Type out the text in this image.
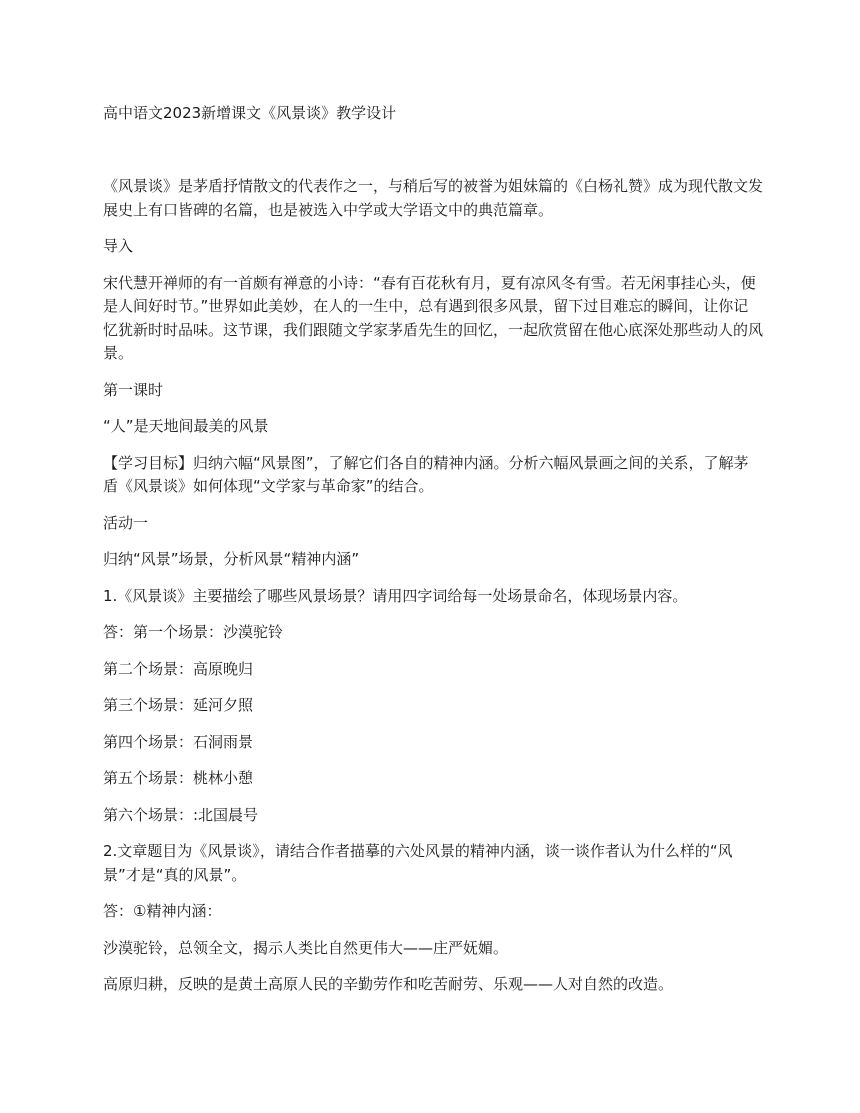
高中语文2023新增课文《风景谈》教学设计

《风景谈》是茅盾抒情散文的代表作之一，与稍后写的被誉为姐妹篇的《白杨礼赞》成为现代散文发展史上有口皆碑的名篇，也是被选入中学或大学语文中的典范篇章。

导入

宋代慧开禅师的有一首颇有禅意的小诗：“春有百花秋有月，夏有凉风冬有雪。若无闲事挂心头，便是人间好时节。”世界如此美妙，在人的一生中，总有遇到很多风景，留下过目难忘的瞬间，让你记忆犹新时时品味。这节课，我们跟随文学家茅盾先生的回忆，一起欣赏留在他心底深处那些动人的风景。

第一课时

“人”是天地间最美的风景

【学习目标】归纳六幅“风景图”，了解它们各自的精神内涵。分析六幅风景画之间的关系，了解茅盾《风景谈》如何体现“文学家与革命家”的结合。

活动一

归纳“风景”场景，分析风景“精神内涵”

1.《风景谈》主要描绘了哪些风景场景？请用四字词给每一处场景命名，体现场景内容。

答：第一个场景：沙漠驼铃

第二个场景：高原晚归

第三个场景：延河夕照

第四个场景：石洞雨景

第五个场景：桃林小憩

第六个场景：:北国晨号

2.文章题目为《风景谈》，请结合作者描摹的六处风景的精神内涵，谈一谈作者认为什么样的“风景”才是“真的风景”。

答：①精神内涵：

沙漠驼铃，总领全文，揭示人类比自然更伟大——庄严妩媚。

高原归耕，反映的是黄土高原人民的辛勤劳作和吃苦耐劳、乐观——人对自然的改造。
